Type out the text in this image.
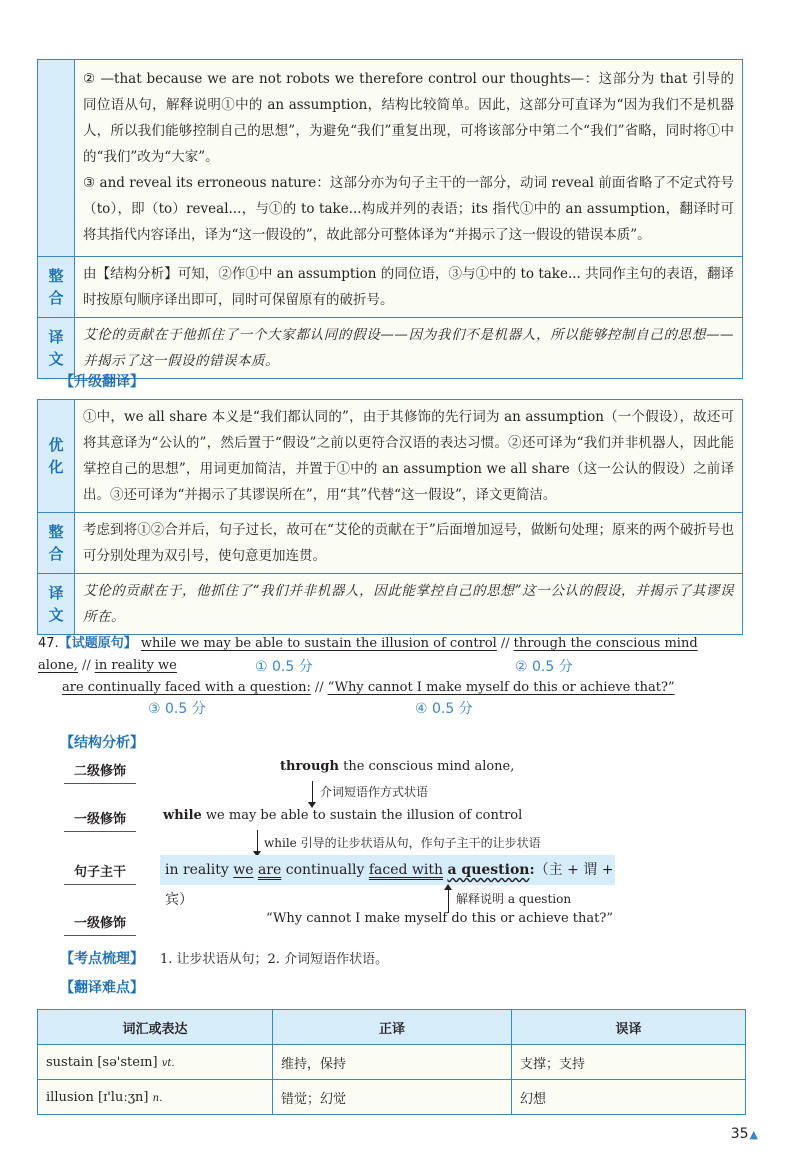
② —that because we are not robots we therefore control our thoughts—：这部分为 that 引导的同位语从句，解释说明①中的 an assumption，结构比较简单。因此，这部分可直译为“因为我们不是机器人，所以我们能够控制自己的思想”，为避免“我们”重复出现，可将该部分中第二个“我们”省略，同时将①中的“我们”改为“大家”。

③ and reveal its erroneous nature：这部分亦为句子主干的一部分，动词 reveal 前面省略了不定式符号（to），即（to）reveal...，与①的 to take...构成并列的表语；its 指代①中的 an assumption，翻译时可将其指代内容译出，译为“这一假设的”，故此部分可整体译为“并揭示了这一假设的错误本质”。

整合
由【结构分析】可知，②作①中 an assumption 的同位语，③与①中的 to take... 共同作主句的表语，翻译时按原句顺序译出即可，同时可保留原有的破折号。
译文
艾伦的贡献在于他抓住了一个大家都认同的假设——因为我们不是机器人，所以能够控制自己的思想——并揭示了这一假设的错误本质。
【升级翻译】
优化
①中，we all share 本义是“我们都认同的”，由于其修饰的先行词为 an assumption（一个假设），故还可将其意译为“公认的”，然后置于“假设”之前以更符合汉语的表达习惯。②还可译为“我们并非机器人，因此能掌控自己的思想”，用词更加简洁，并置于①中的 an assumption we all share（这一公认的假设）之前译出。③还可译为“并揭示了其谬误所在”，用“其”代替“这一假设”，译文更简洁。
整合
考虑到将①②合并后，句子过长，故可在“艾伦的贡献在于”后面增加逗号，做断句处理；原来的两个破折号也可分别处理为双引号，使句意更加连贯。
译文
艾伦的贡献在于，他抓住了“我们并非机器人，因此能掌控自己的思想”这一公认的假设，并揭示了其谬误所在。
47.【试题原句】 while we may be able to sustain the illusion of control // through the conscious mind alone, // in reality we	① 0.5 分	② 0.5 分
are continually faced with a question: // “Why cannot I make myself do this or achieve that?”
③ 0.5 分	④ 0.5 分
【结构分析】
二级修饰	through the conscious mind alone,
介词短语作方式状语
一级修饰	while we may be able to sustain the illusion of control
while 引导的让步状语从句，作句子主干的让步状语
句子主干	in reality we are continually faced with a question:（主 + 谓 + 宾）	解释说明 a question
一级修饰	“Why cannot I make myself do this or achieve that?”
【考点梳理】 1. 让步状语从句；2. 介词短语作状语。
【翻译难点】
词汇或表达	正译	误译
sustain [sə'steɪn] vt.	维持，保持	支撑；支持
illusion [ɪ'luːʒn] n.	错觉；幻觉	幻想
35▲
